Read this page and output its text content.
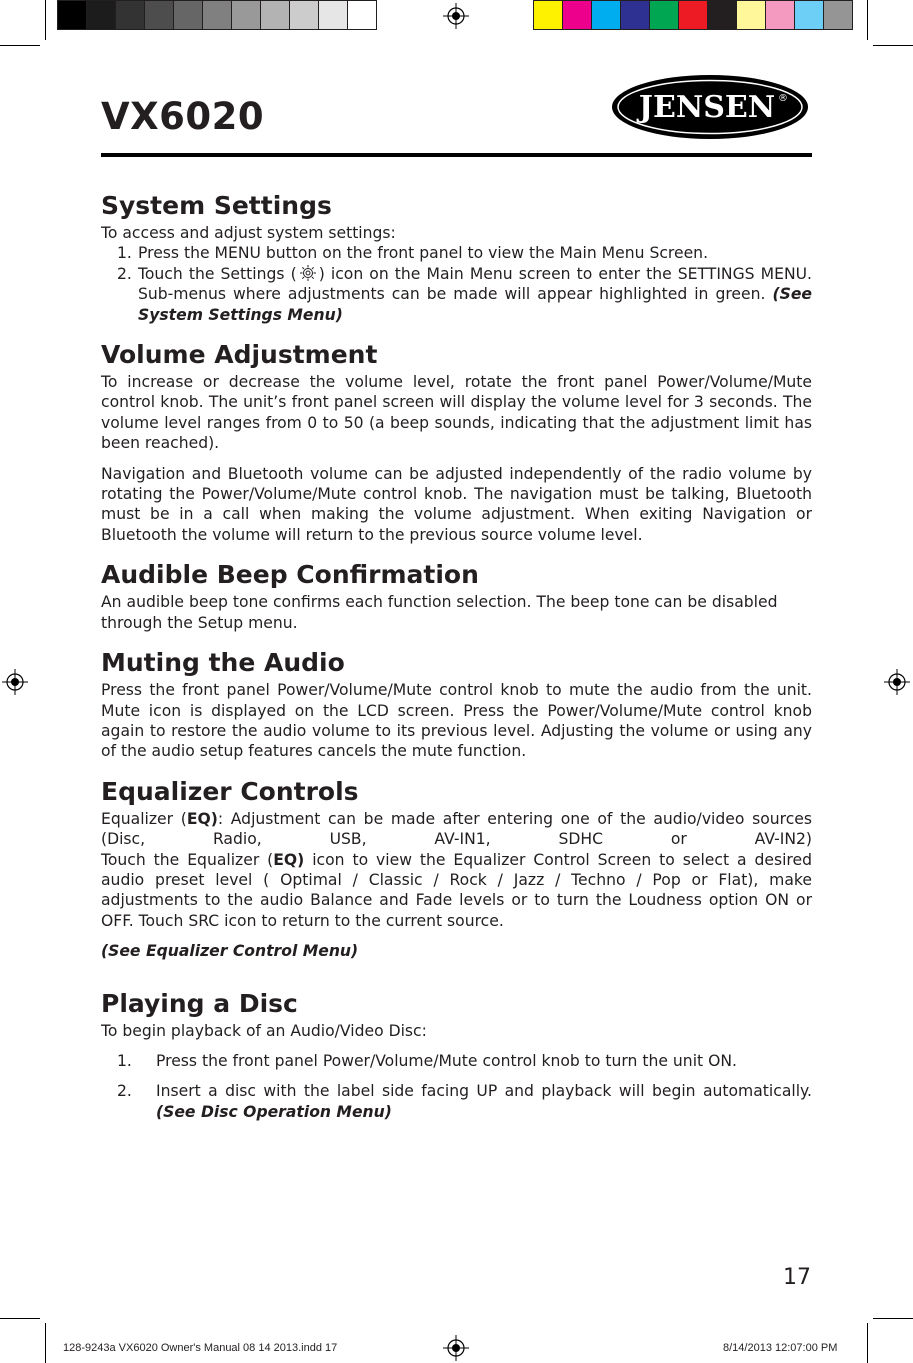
VX6020	JENSEN ®
System Settings

To access and adjust system settings:

1. Press the MENU button on the front panel to view the Main Menu Screen.
2. Touch the Settings ( ) icon on the Main Menu screen to enter the SETTINGS MENU. Sub-menus where adjustments can be made will appear highlighted in green. (See System Settings Menu)
Volume Adjustment

To increase or decrease the volume level, rotate the front panel Power/Volume/Mute control knob. The unit’s front panel screen will display the volume level for 3 seconds. The volume level ranges from 0 to 50 (a beep sounds, indicating that the adjustment limit has been reached).

Navigation and Bluetooth volume can be adjusted independently of the radio volume by rotating the Power/Volume/Mute control knob. The navigation must be talking, Bluetooth must be in a call when making the volume adjustment. When exiting Navigation or Bluetooth the volume will return to the previous source volume level.

Audible Beep Confirmation

An audible beep tone confirms each function selection. The beep tone can be disabled through the Setup menu.

Muting the Audio

Press the front panel Power/Volume/Mute control knob to mute the audio from the unit. Mute icon is displayed on the LCD screen. Press the Power/Volume/Mute control knob again to restore the audio volume to its previous level. Adjusting the volume or using any of the audio setup features cancels the mute function.

Equalizer Controls

Equalizer (EQ): Adjustment can be made after entering one of the audio/video sources (Disc, Radio, USB, AV-IN1, SDHC or AV-IN2)

Touch the Equalizer (EQ) icon to view the Equalizer Control Screen to select a desired audio preset level ( Optimal / Classic / Rock / Jazz / Techno / Pop or Flat), make adjustments to the audio Balance and Fade levels or to turn the Loudness option ON or OFF. Touch SRC icon to return to the current source.

(See Equalizer Control Menu)

Playing a Disc

To begin playback of an Audio/Video Disc:

1.	Press the front panel Power/Volume/Mute control knob to turn the unit ON.
2.	Insert a disc with the label side facing UP and playback will begin automatically. (See Disc Operation Menu)
17
128-9243a VX6020 Owner's Manual 08 14 2013.indd 17	8/14/2013 12:07:00 PM
